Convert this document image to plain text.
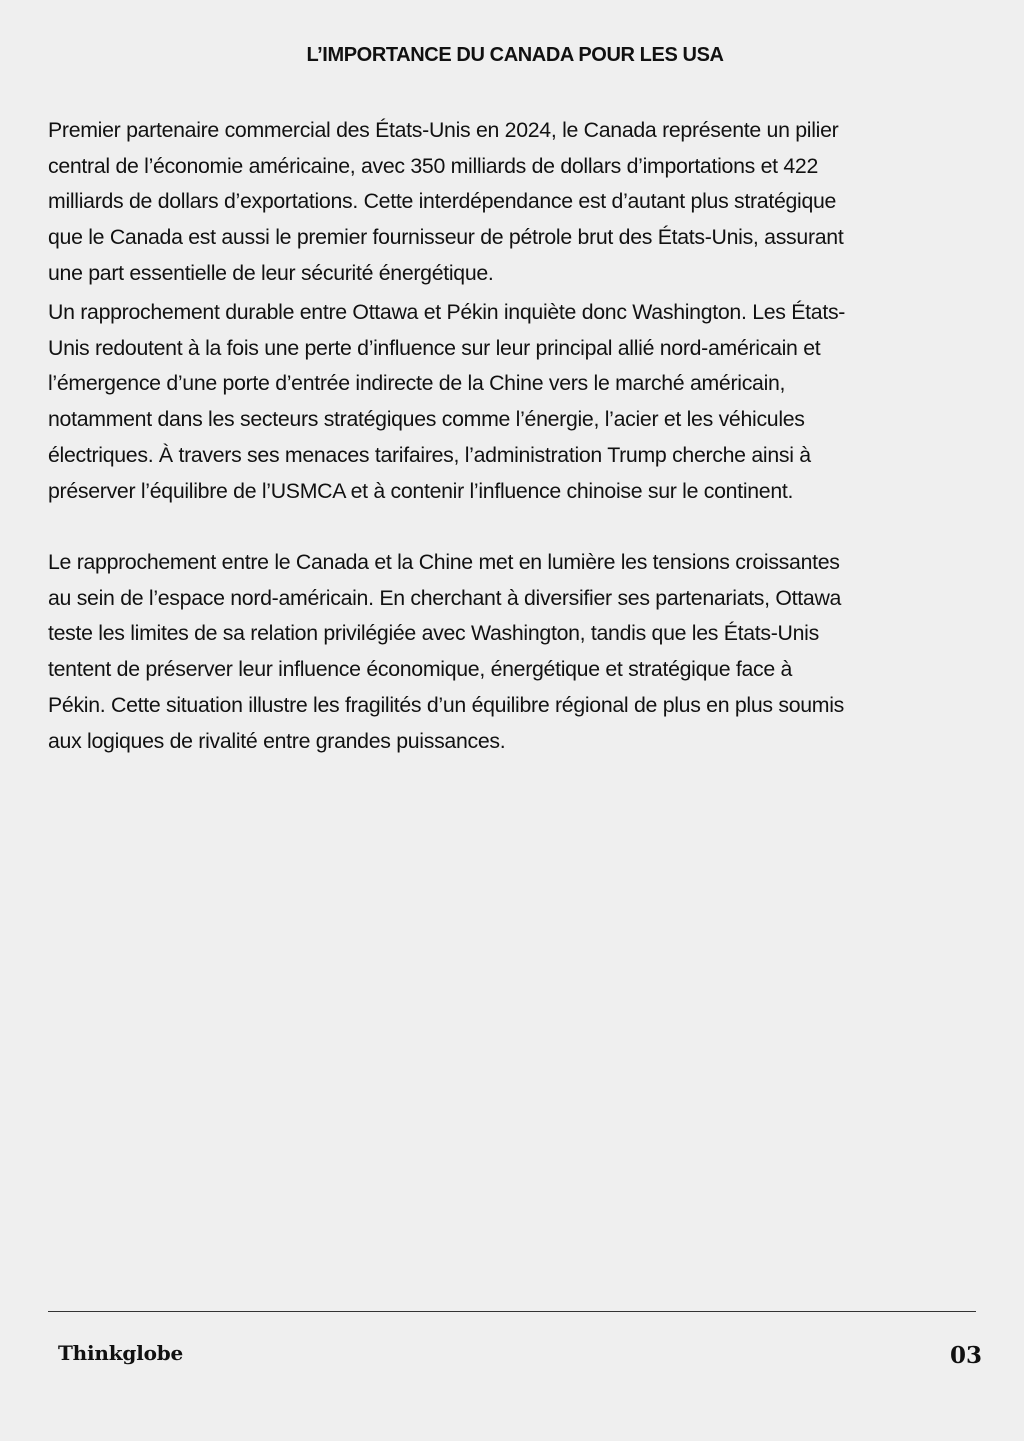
L’IMPORTANCE DU CANADA POUR LES USA

Premier partenaire commercial des États-Unis en 2024, le Canada représente un pilier
central de l’économie américaine, avec 350 milliards de dollars d’importations et 422
milliards de dollars d’exportations. Cette interdépendance est d’autant plus stratégique
que le Canada est aussi le premier fournisseur de pétrole brut des États-Unis, assurant
une part essentielle de leur sécurité énergétique.

Un rapprochement durable entre Ottawa et Pékin inquiète donc Washington. Les États-
Unis redoutent à la fois une perte d’influence sur leur principal allié nord-américain et
l’émergence d’une porte d’entrée indirecte de la Chine vers le marché américain,
notamment dans les secteurs stratégiques comme l’énergie, l’acier et les véhicules
électriques. À travers ses menaces tarifaires, l’administration Trump cherche ainsi à
préserver l’équilibre de l’USMCA et à contenir l’influence chinoise sur le continent.

Le rapprochement entre le Canada et la Chine met en lumière les tensions croissantes
au sein de l’espace nord-américain. En cherchant à diversifier ses partenariats, Ottawa
teste les limites de sa relation privilégiée avec Washington, tandis que les États-Unis
tentent de préserver leur influence économique, énergétique et stratégique face à
Pékin. Cette situation illustre les fragilités d’un équilibre régional de plus en plus soumis
aux logiques de rivalité entre grandes puissances.

Thinkglobe	03
